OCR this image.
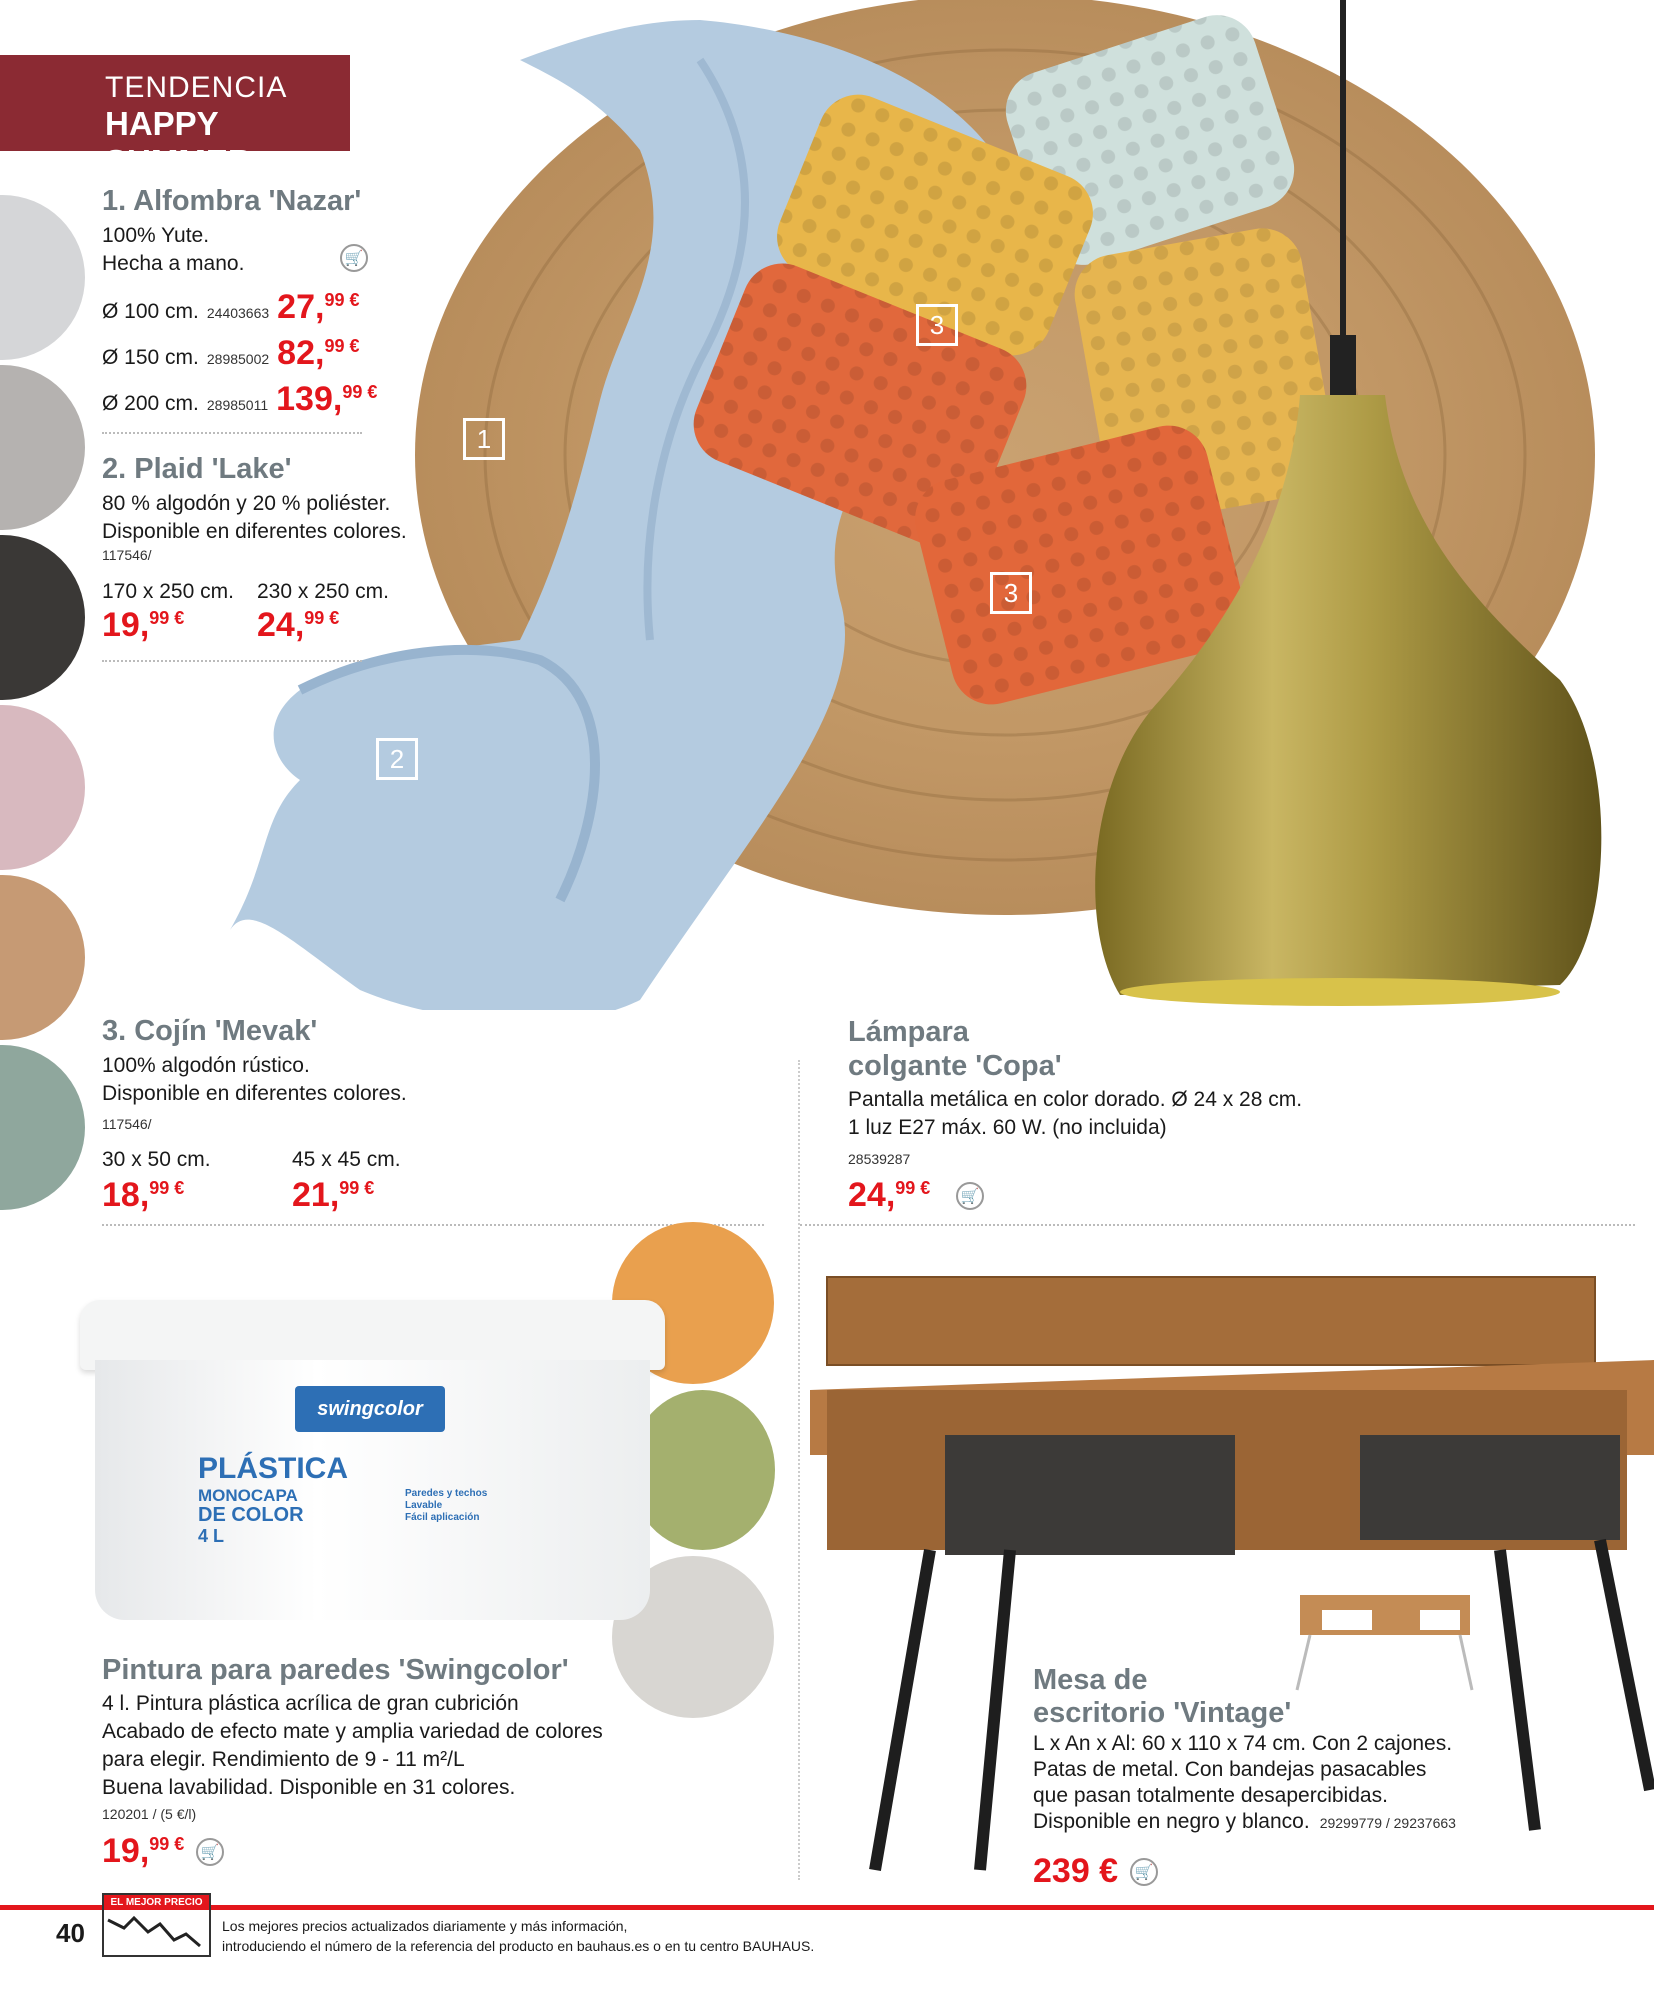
1
2
3
3
TENDENCIA
HAPPY SUMMER
1. Alfombra 'Nazar'
100% Yute.
Hecha a mano.	🛒
Ø 100 cm. 24403663 27,$^{99 €}$
Ø 150 cm. 28985002 82,$^{99 €}$
Ø 200 cm. 28985011 139,$^{99 €}$
2. Plaid 'Lake'
80 % algodón y 20 % poliéster.
Disponible en diferentes colores.
117546/
170 x 250 cm.
19,$^{99 €}$
230 x 250 cm.
24,$^{99 €}$
3. Cojín 'Mevak'
100% algodón rústico.
Disponible en diferentes colores.
117546/
30 x 50 cm.
18,$^{99 €}$
45 x 45 cm.
21,$^{99 €}$
Lámpara
colgante 'Copa'
Pantalla metálica en color dorado. Ø 24 x 28 cm.
1 luz E27 máx. 60 W. (no incluida)
28539287
24,$^{99 €}$	🛒
swingcolor
PLÁSTICA
MONOCAPA
DE COLOR
4 L
Paredes y techos
Lavable
Fácil aplicación
Pintura para paredes 'Swingcolor'
4 l. Pintura plástica acrílica de gran cubrición
Acabado de efecto mate y amplia variedad de colores
para elegir. Rendimiento de 9 - 11 m²/L
Buena lavabilidad. Disponible en 31 colores.
120201 / (5 €/l)
19,$^{99 €}$	🛒
Mesa de
escritorio 'Vintage'
L x An x Al: 60 x 110 x 74 cm. Con 2 cajones.
Patas de metal. Con bandejas pasacables
que pasan totalmente desapercibidas.
Disponible en negro y blanco. 29299779 / 29237663
239 €	🛒
40
EL MEJOR PRECIO
Los mejores precios actualizados diariamente y más información,
introduciendo el número de la referencia del producto en bauhaus.es o en tu centro BAUHAUS.
